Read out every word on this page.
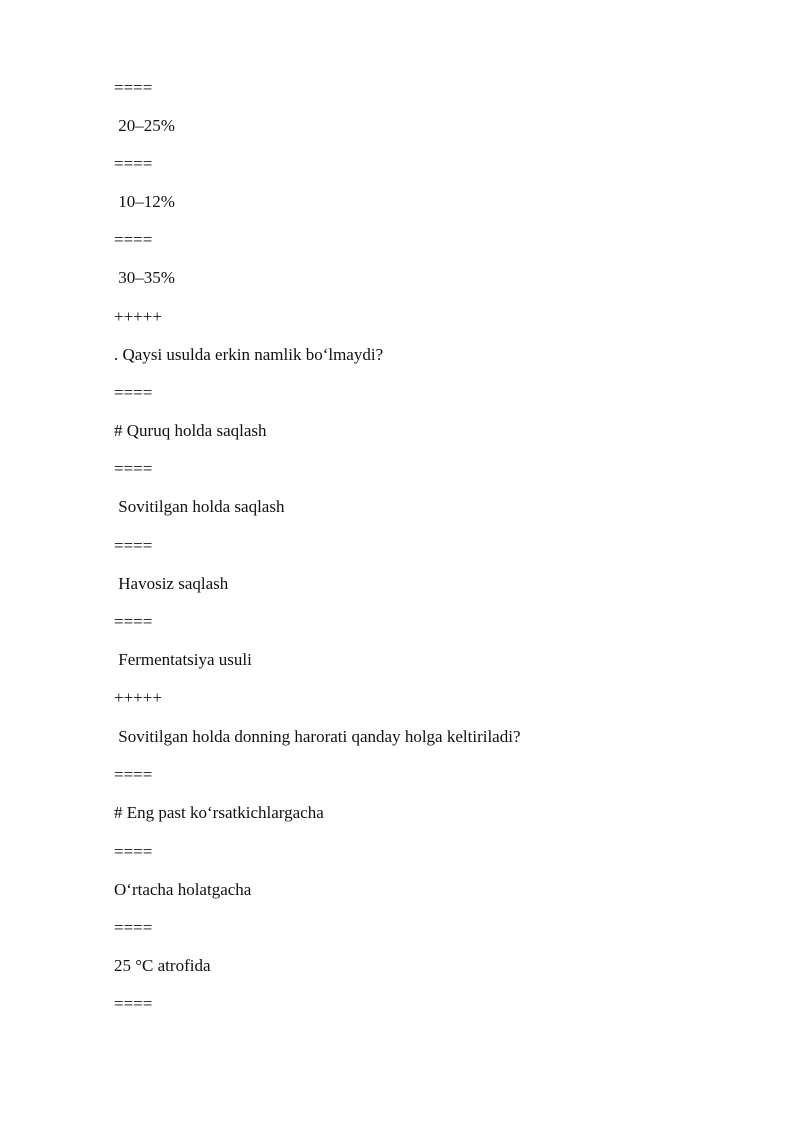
====
20–25%
====
10–12%
====
30–35%
+++++
. Qaysi usulda erkin namlik bo‘lmaydi?
====
# Quruq holda saqlash
====
Sovitilgan holda saqlash
====
Havosiz saqlash
====
Fermentatsiya usuli
+++++
Sovitilgan holda donning harorati qanday holga keltiriladi?
====
# Eng past ko‘rsatkichlargacha
====
O‘rtacha holatgacha
====
25 °C atrofida
====
